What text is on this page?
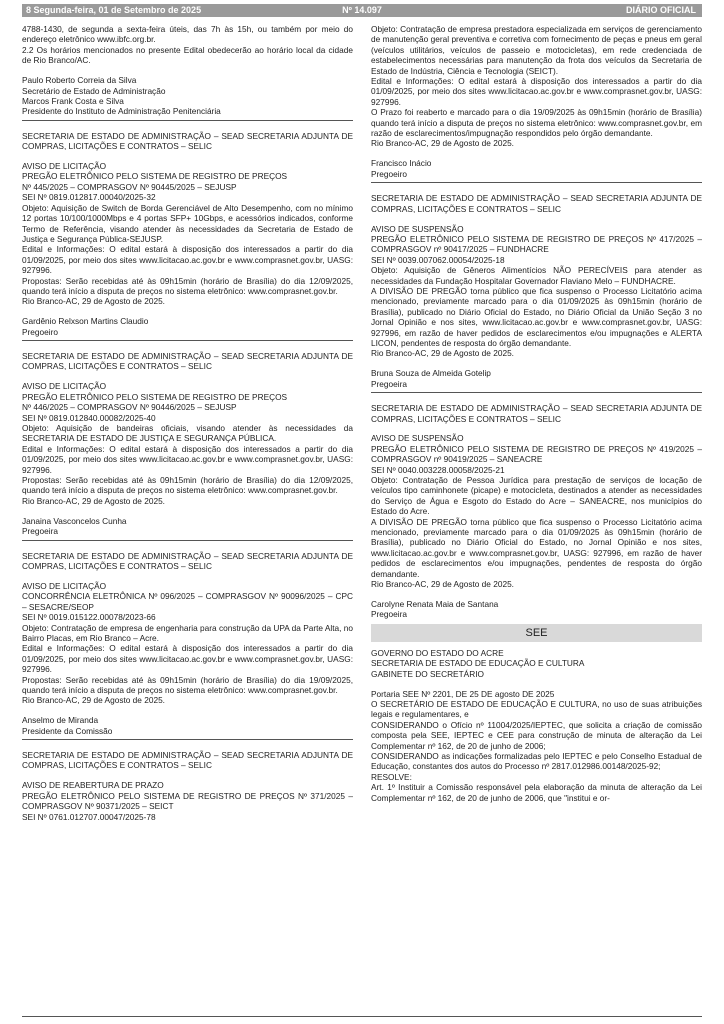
8 Segunda-feira, 01 de Setembro de 2025	Nº 14.097	DIÁRIO OFICIAL
4788-1430, de segunda a sexta-feira úteis, das 7h às 15h, ou também por meio do endereço eletrônico www.ibfc.org.br.
2.2 Os horários mencionados no presente Edital obedecerão ao horário local da cidade de Rio Branco/AC.
Paulo Roberto Correia da Silva
Secretário de Estado de Administração
Marcos Frank Costa e Silva
Presidente do Instituto de Administração Penitenciária
SECRETARIA DE ESTADO DE ADMINISTRAÇÃO – SEAD SECRETARIA ADJUNTA DE COMPRAS, LICITAÇÕES E CONTRATOS – SELIC
AVISO DE LICITAÇÃO
PREGÃO ELETRÔNICO PELO SISTEMA DE REGISTRO DE PREÇOS
Nº 445/2025 – COMPRASGOV Nº 90445/2025 – SEJUSP
SEI Nº 0819.012817.00040/2025-32
Objeto: Aquisição de Switch de Borda Gerenciável de Alto Desempenho, com no mínimo 12 portas 10/100/1000Mbps e 4 portas SFP+ 10Gbps, e acessórios indicados, conforme Termo de Referência, visando atender às necessidades da Secretaria de Estado de Justiça e Segurança Pública-SEJUSP.
Edital e Informações: O edital estará à disposição dos interessados a partir do dia 01/09/2025, por meio dos sites www.licitacao.ac.gov.br e www.comprasnet.gov.br, UASG: 927996.
Propostas: Serão recebidas até às 09h15min (horário de Brasília) do dia 12/09/2025, quando terá início a disputa de preços no sistema eletrônico: www.comprasnet.gov.br.
Rio Branco-AC, 29 de Agosto de 2025.
Gardênio Relxson Martins Claudio
Pregoeiro
SECRETARIA DE ESTADO DE ADMINISTRAÇÃO – SEAD SECRETARIA ADJUNTA DE COMPRAS, LICITAÇÕES E CONTRATOS – SELIC
AVISO DE LICITAÇÃO
PREGÃO ELETRÔNICO PELO SISTEMA DE REGISTRO DE PREÇOS
Nº 446/2025 – COMPRASGOV Nº 90446/2025 – SEJUSP
SEI Nº 0819.012840.00082/2025-40
Objeto: Aquisição de bandeiras oficiais, visando atender às necessidades da SECRETARIA DE ESTADO DE JUSTIÇA E SEGURANÇA PÚBLICA.
Edital e Informações: O edital estará à disposição dos interessados a partir do dia 01/09/2025, por meio dos sites www.licitacao.ac.gov.br e www.comprasnet.gov.br, UASG: 927996.
Propostas: Serão recebidas até às 09h15min (horário de Brasília) do dia 12/09/2025, quando terá início a disputa de preços no sistema eletrônico: www.comprasnet.gov.br.
Rio Branco-AC, 29 de Agosto de 2025.
Janaina Vasconcelos Cunha
Pregoeira
SECRETARIA DE ESTADO DE ADMINISTRAÇÃO – SEAD SECRETARIA ADJUNTA DE COMPRAS, LICITAÇÕES E CONTRATOS – SELIC
AVISO DE LICITAÇÃO
CONCORRÊNCIA ELETRÔNICA Nº 096/2025 – COMPRASGOV Nº 90096/2025 – CPC – SESACRE/SEOP
SEI Nº 0019.015122.00078/2023-66
Objeto: Contratação de empresa de engenharia para construção da UPA da Parte Alta, no Bairro Placas, em Rio Branco – Acre.
Edital e Informações: O edital estará à disposição dos interessados a partir do dia 01/09/2025, por meio dos sites www.licitacao.ac.gov.br e www.comprasnet.gov.br, UASG: 927996.
Propostas: Serão recebidas até às 09h15min (horário de Brasília) do dia 19/09/2025, quando terá início a disputa de preços no sistema eletrônico: www.comprasnet.gov.br.
Rio Branco-AC, 29 de Agosto de 2025.
Anselmo de Miranda
Presidente da Comissão
SECRETARIA DE ESTADO DE ADMINISTRAÇÃO – SEAD SECRETARIA ADJUNTA DE COMPRAS, LICITAÇÕES E CONTRATOS – SELIC
AVISO DE REABERTURA DE PRAZO
PREGÃO ELETRÔNICO PELO SISTEMA DE REGISTRO DE PREÇOS Nº 371/2025 – COMPRASGOV Nº 90371/2025 – SEICT
SEI Nº 0761.012707.00047/2025-78
Objeto: Contratação de empresa prestadora especializada em serviços de gerenciamento de manutenção geral preventiva e corretiva com fornecimento de peças e pneus em geral (veículos utilitários, veículos de passeio e motocicletas), em rede credenciada de estabelecimentos necessárias para manutenção da frota dos veículos da Secretaria de Estado de Indústria, Ciência e Tecnologia (SEICT).
Edital e Informações: O edital estará à disposição dos interessados a partir do dia 01/09/2025, por meio dos sites www.licitacao.ac.gov.br e www.comprasnet.gov.br, UASG: 927996.
O Prazo foi reaberto e marcado para o dia 19/09/2025 às 09h15min (horário de Brasília) quando terá início a disputa de preços no sistema eletrônico: www.comprasnet.gov.br, em razão de esclarecimentos/impugnação respondidos pelo órgão demandante.
Rio Branco-AC, 29 de Agosto de 2025.
Francisco Inácio
Pregoeiro
SECRETARIA DE ESTADO DE ADMINISTRAÇÃO – SEAD SECRETARIA ADJUNTA DE COMPRAS, LICITAÇÕES E CONTRATOS – SELIC
AVISO DE SUSPENSÃO
PREGÃO ELETRÔNICO PELO SISTEMA DE REGISTRO DE PREÇOS Nº 417/2025 – COMPRASGOV nº 90417/2025 – FUNDHACRE
SEI Nº 0039.007062.00054/2025-18
Objeto: Aquisição de Gêneros Alimentícios NÃO PERECÍVEIS para atender as necessidades da Fundação Hospitalar Governador Flaviano Melo – FUNDHACRE.
A DIVISÃO DE PREGÃO torna público que fica suspenso o Processo Licitatório acima mencionado, previamente marcado para o dia 01/09/2025 às 09h15min (horário de Brasília), publicado no Diário Oficial do Estado, no Diário Oficial da União Seção 3 no Jornal Opinião e nos sites, www.licitacao.ac.gov.br e www.comprasnet.gov.br, UASG: 927996, em razão de haver pedidos de esclarecimentos e/ou impugnações e ALERTA LICON, pendentes de resposta do órgão demandante.
Rio Branco-AC, 29 de Agosto de 2025.
Bruna Souza de Almeida Gotelip
Pregoeira
SECRETARIA DE ESTADO DE ADMINISTRAÇÃO – SEAD SECRETARIA ADJUNTA DE COMPRAS, LICITAÇÕES E CONTRATOS – SELIC
AVISO DE SUSPENSÃO
PREGÃO ELETRÔNICO PELO SISTEMA DE REGISTRO DE PREÇOS Nº 419/2025 – COMPRASGOV nº 90419/2025 – SANEACRE
SEI Nº 0040.003228.00058/2025-21
Objeto: Contratação de Pessoa Jurídica para prestação de serviços de locação de veículos tipo caminhonete (picape) e motocicleta, destinados a atender as necessidades do Serviço de Água e Esgoto do Estado do Acre – SANEACRE, nos municípios do Estado do Acre.
A DIVISÃO DE PREGÃO torna público que fica suspenso o Processo Licitatório acima mencionado, previamente marcado para o dia 01/09/2025 às 09h15min (horário de Brasília), publicado no Diário Oficial do Estado, no Jornal Opinião e nos sites, www.licitacao.ac.gov.br e www.comprasnet.gov.br, UASG: 927996, em razão de haver pedidos de esclarecimentos e/ou impugnações, pendentes de resposta do órgão demandante.
Rio Branco-AC, 29 de Agosto de 2025.
Carolyne Renata Maia de Santana
Pregoeira
SEE
GOVERNO DO ESTADO DO ACRE
SECRETARIA DE ESTADO DE EDUCAÇÃO E CULTURA
GABINETE DO SECRETÁRIO
Portaria SEE Nº 2201, DE 25 DE agosto DE 2025
O SECRETÁRIO DE ESTADO DE EDUCAÇÃO E CULTURA, no uso de suas atribuições legais e regulamentares, e
CONSIDERANDO o Ofício nº 11004/2025/IEPTEC, que solicita a criação de comissão composta pela SEE, IEPTEC e CEE para construção de minuta de alteração da Lei Complementar nº 162, de 20 de junho de 2006;
CONSIDERANDO as indicações formalizadas pelo IEPTEC e pelo Conselho Estadual de Educação, constantes dos autos do Processo nº 2817.012986.00148/2025-92;
RESOLVE:
Art. 1º Instituir a Comissão responsável pela elaboração da minuta de alteração da Lei Complementar nº 162, de 20 de junho de 2006, que "institui e or-
